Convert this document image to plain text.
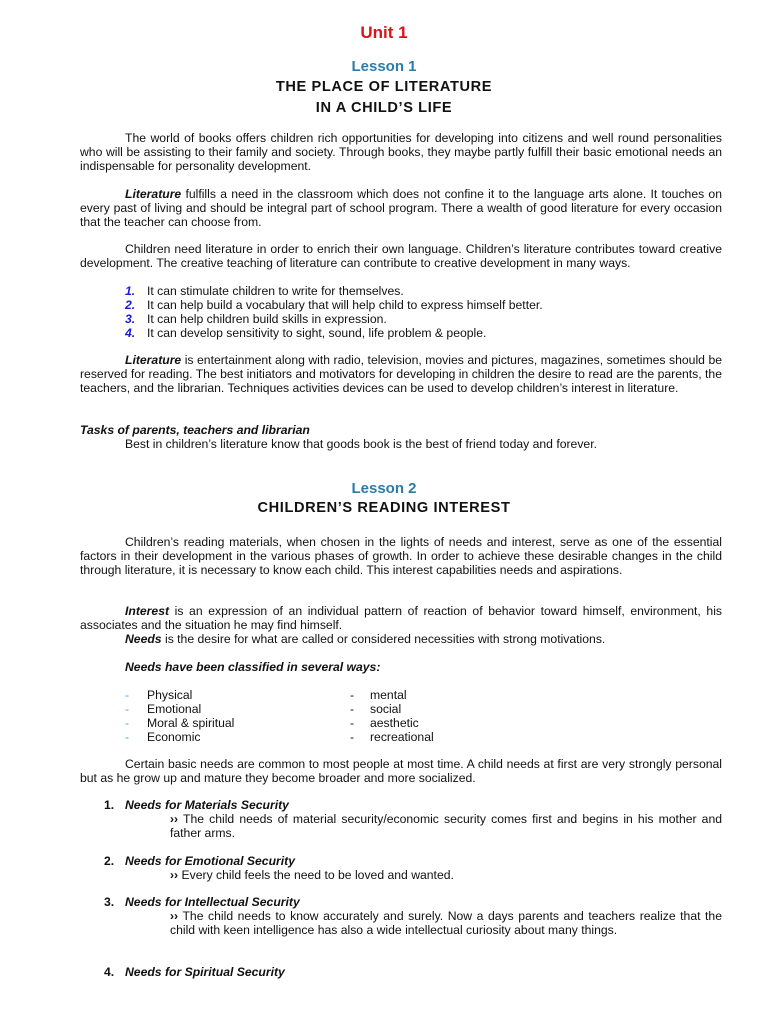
Unit 1
Lesson 1
THE PLACE OF LITERATURE
IN A CHILD’S LIFE

The world of books offers children rich opportunities for developing into citizens and well round personalities who will be assisting to their family and society. Through books, they maybe partly fulfill their basic emotional needs an indispensable for personality development.

Literature fulfills a need in the classroom which does not confine it to the language arts alone. It touches on every past of living and should be integral part of school program. There a wealth of good literature for every occasion that the teacher can choose from.

Children need literature in order to enrich their own language. Children’s literature contributes toward creative development. The creative teaching of literature can contribute to creative development in many ways.

1. It can stimulate children to write for themselves.
2. It can help build a vocabulary that will help child to express himself better.
3. It can help children build skills in expression.
4. It can develop sensitivity to sight, sound, life problem & people.

Literature is entertainment along with radio, television, movies and pictures, magazines, sometimes should be reserved for reading. The best initiators and motivators for developing in children the desire to read are the parents, the teachers, and the librarian. Techniques activities devices can be used to develop children’s interest in literature.

Tasks of parents, teachers and librarian
Best in children’s literature know that goods book is the best of friend today and forever.
Lesson 2
CHILDREN’S READING INTEREST

Children’s reading materials, when chosen in the lights of needs and interest, serve as one of the essential factors in their development in the various phases of growth. In order to achieve these desirable changes in the child through literature, it is necessary to know each child. This interest capabilities needs and aspirations.

Interest is an expression of an individual pattern of reaction of behavior toward himself, environment, his associates and the situation he may find himself.

Needs is the desire for what are called or considered necessities with strong motivations.
Needs have been classified in several ways:
- Physical
- Emotional
- Moral & spiritual
- Economic
- mental
- social
- aesthetic
- recreational

Certain basic needs are common to most people at most time. A child needs at first are very strongly personal but as he grow up and mature they become broader and more socialized.

1. Needs for Materials Security
›› The child needs of material security/economic security comes first and begins in his mother and father arms.
2. Needs for Emotional Security
›› Every child feels the need to be loved and wanted.
3. Needs for Intellectual Security
›› The child needs to know accurately and surely. Now a days parents and teachers realize that the child with keen intelligence has also a wide intellectual curiosity about many things.
4. Needs for Spiritual Security
